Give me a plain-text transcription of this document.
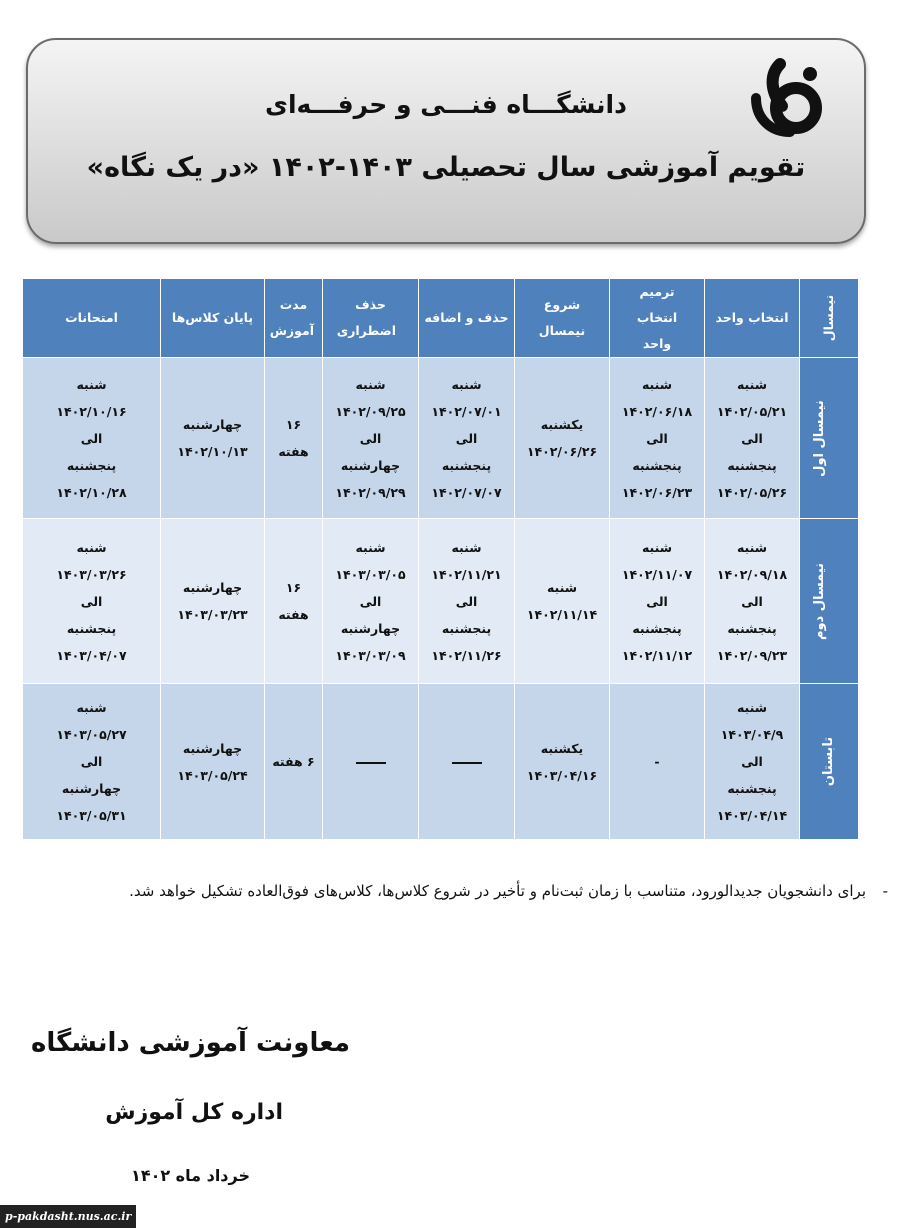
دانشگـــاه فنـــی و حرفـــه‌ای
تقویم آموزشی سال تحصیلی ۱۴۰۳-۱۴۰۲ «در یک نگاه»
نیمسال	انتخاب واحد	ترمیم انتخاب واحد	شروع نیمسال	حذف و اضافه	حذف اضطراری	مدت آموزش	پایان کلاس‌ها	امتحانات
نیمسال اول	شنبه
۱۴۰۲/۰۵/۲۱
الی
پنجشنبه
۱۴۰۲/۰۵/۲۶	شنبه
۱۴۰۲/۰۶/۱۸
الی
پنجشنبه
۱۴۰۲/۰۶/۲۳	یکشنبه
۱۴۰۲/۰۶/۲۶	شنبه
۱۴۰۲/۰۷/۰۱
الی
پنجشنبه
۱۴۰۲/۰۷/۰۷	شنبه
۱۴۰۲/۰۹/۲۵
الی
چهارشنبه
۱۴۰۲/۰۹/۲۹	۱۶
هفته	چهارشنبه
۱۴۰۲/۱۰/۱۳	شنبه
۱۴۰۲/۱۰/۱۶
الی
پنجشنبه
۱۴۰۲/۱۰/۲۸

نیمسال دوم	شنبه
۱۴۰۲/۰۹/۱۸
الی
پنجشنبه
۱۴۰۲/۰۹/۲۳	شنبه
۱۴۰۲/۱۱/۰۷
الی
پنجشنبه
۱۴۰۲/۱۱/۱۲	شنبه
۱۴۰۲/۱۱/۱۴	شنبه
۱۴۰۲/۱۱/۲۱
الی
پنجشنبه
۱۴۰۲/۱۱/۲۶	شنبه
۱۴۰۳/۰۳/۰۵
الی
چهارشنبه
۱۴۰۳/۰۳/۰۹	۱۶
هفته	چهارشنبه
۱۴۰۳/۰۳/۲۳	شنبه
۱۴۰۳/۰۳/۲۶
الی
پنجشنبه
۱۴۰۳/۰۴/۰۷

تابستان	شنبه
۱۴۰۳/۰۴/۹
الی
پنجشنبه
۱۴۰۳/۰۴/۱۴	-	یکشنبه
۱۴۰۳/۰۴/۱۶			۶ هفته	چهارشنبه
۱۴۰۳/۰۵/۲۴	شنبه
۱۴۰۳/۰۵/۲۷
الی
چهارشنبه
۱۴۰۳/۰۵/۳۱
-
برای دانشجویان جدیدالورود، متناسب با زمان ثبت‌نام و تأخیر در شروع کلاس‌ها، کلاس‌های فوق‌العاده تشکیل خواهد شد.
معاونت آموزشی دانشگاه
اداره کل آموزش
خرداد ماه ۱۴۰۲
p-pakdasht.nus.ac.ir
